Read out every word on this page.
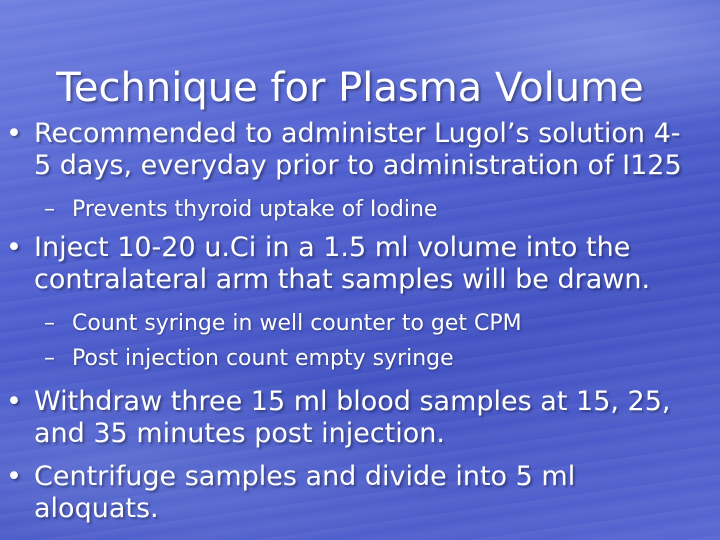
Technique for Plasma Volume
• Recommended to administer Lugol’s solution 4-
5 days, everyday prior to administration of I125
– Prevents thyroid uptake of Iodine
• Inject 10-20 u.Ci in a 1.5 ml volume into the
contralateral arm that samples will be drawn.
– Count syringe in well counter to get CPM
– Post injection count empty syringe
• Withdraw three 15 ml blood samples at 15, 25,
and 35 minutes post injection.
• Centrifuge samples and divide into 5 ml
aloquats.
